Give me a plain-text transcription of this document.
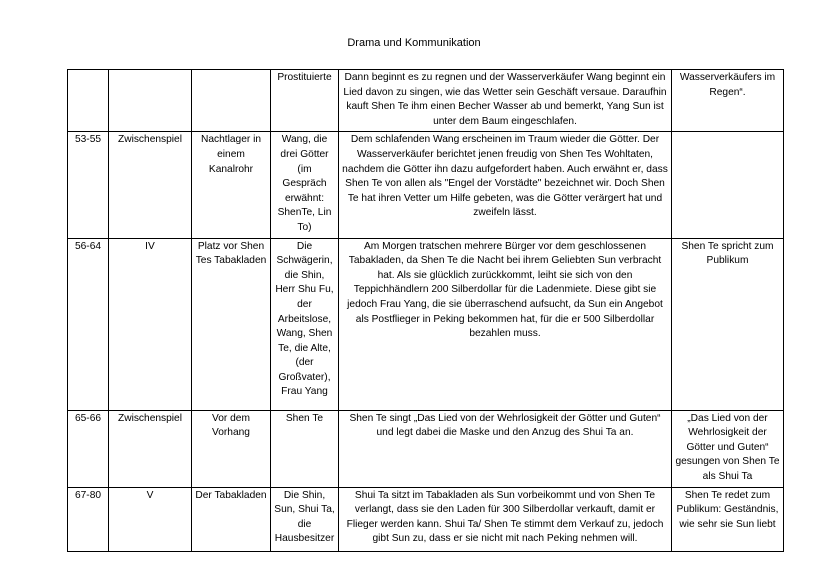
Drama und Kommunikation
			Prostituierte	Dann beginnt es zu regnen und der Wasserverkäufer Wang beginnt ein Lied davon zu singen, wie das Wetter sein Geschäft versaue. Daraufhin kauft Shen Te ihm einen Becher Wasser ab und bemerkt, Yang Sun ist unter dem Baum eingeschlafen.	Wasserverkäufers im Regen“.
53-55	Zwischenspiel	Nachtlager in einem Kanalrohr	Wang, die drei Götter (im Gespräch erwähnt: ShenTe, Lin To)	Dem schlafenden Wang erscheinen im Traum wieder die Götter. Der Wasserverkäufer berichtet jenen freudig von Shen Tes Wohltaten, nachdem die Götter ihn dazu aufgefordert haben. Auch erwähnt er, dass Shen Te von allen als "Engel der Vorstädte" bezeichnet wir. Doch Shen Te hat ihren Vetter um Hilfe gebeten, was die Götter verärgert hat und zweifeln lässt.	
56-64	IV	Platz vor Shen Tes Tabakladen	Die Schwägerin, die Shin, Herr Shu Fu, der Arbeitslose, Wang, Shen Te, die Alte, (der Großvater), Frau Yang	Am Morgen tratschen mehrere Bürger vor dem geschlossenen Tabakladen, da Shen Te die Nacht bei ihrem Geliebten Sun verbracht hat. Als sie glücklich zurückkommt, leiht sie sich von den Teppichhändlern 200 Silberdollar für die Ladenmiete. Diese gibt sie jedoch Frau Yang, die sie überraschend aufsucht, da Sun ein Angebot als Postflieger in Peking bekommen hat, für die er 500 Silberdollar bezahlen muss.	Shen Te spricht zum Publikum
65-66	Zwischenspiel	Vor dem Vorhang	Shen Te	Shen Te singt „Das Lied von der Wehrlosigkeit der Götter und Guten“ und legt dabei die Maske und den Anzug des Shui Ta an.	„Das Lied von der Wehrlosigkeit der Götter und Guten“ gesungen von Shen Te als Shui Ta
67-80	V	Der Tabakladen	Die Shin, Sun, Shui Ta, die Hausbesitzer	Shui Ta sitzt im Tabakladen als Sun vorbeikommt und von Shen Te verlangt, dass sie den Laden für 300 Silberdollar verkauft, damit er Flieger werden kann. Shui Ta/ Shen Te stimmt dem Verkauf zu, jedoch gibt Sun zu, dass er sie nicht mit nach Peking nehmen will.	Shen Te redet zum Publikum: Geständnis, wie sehr sie Sun liebt
